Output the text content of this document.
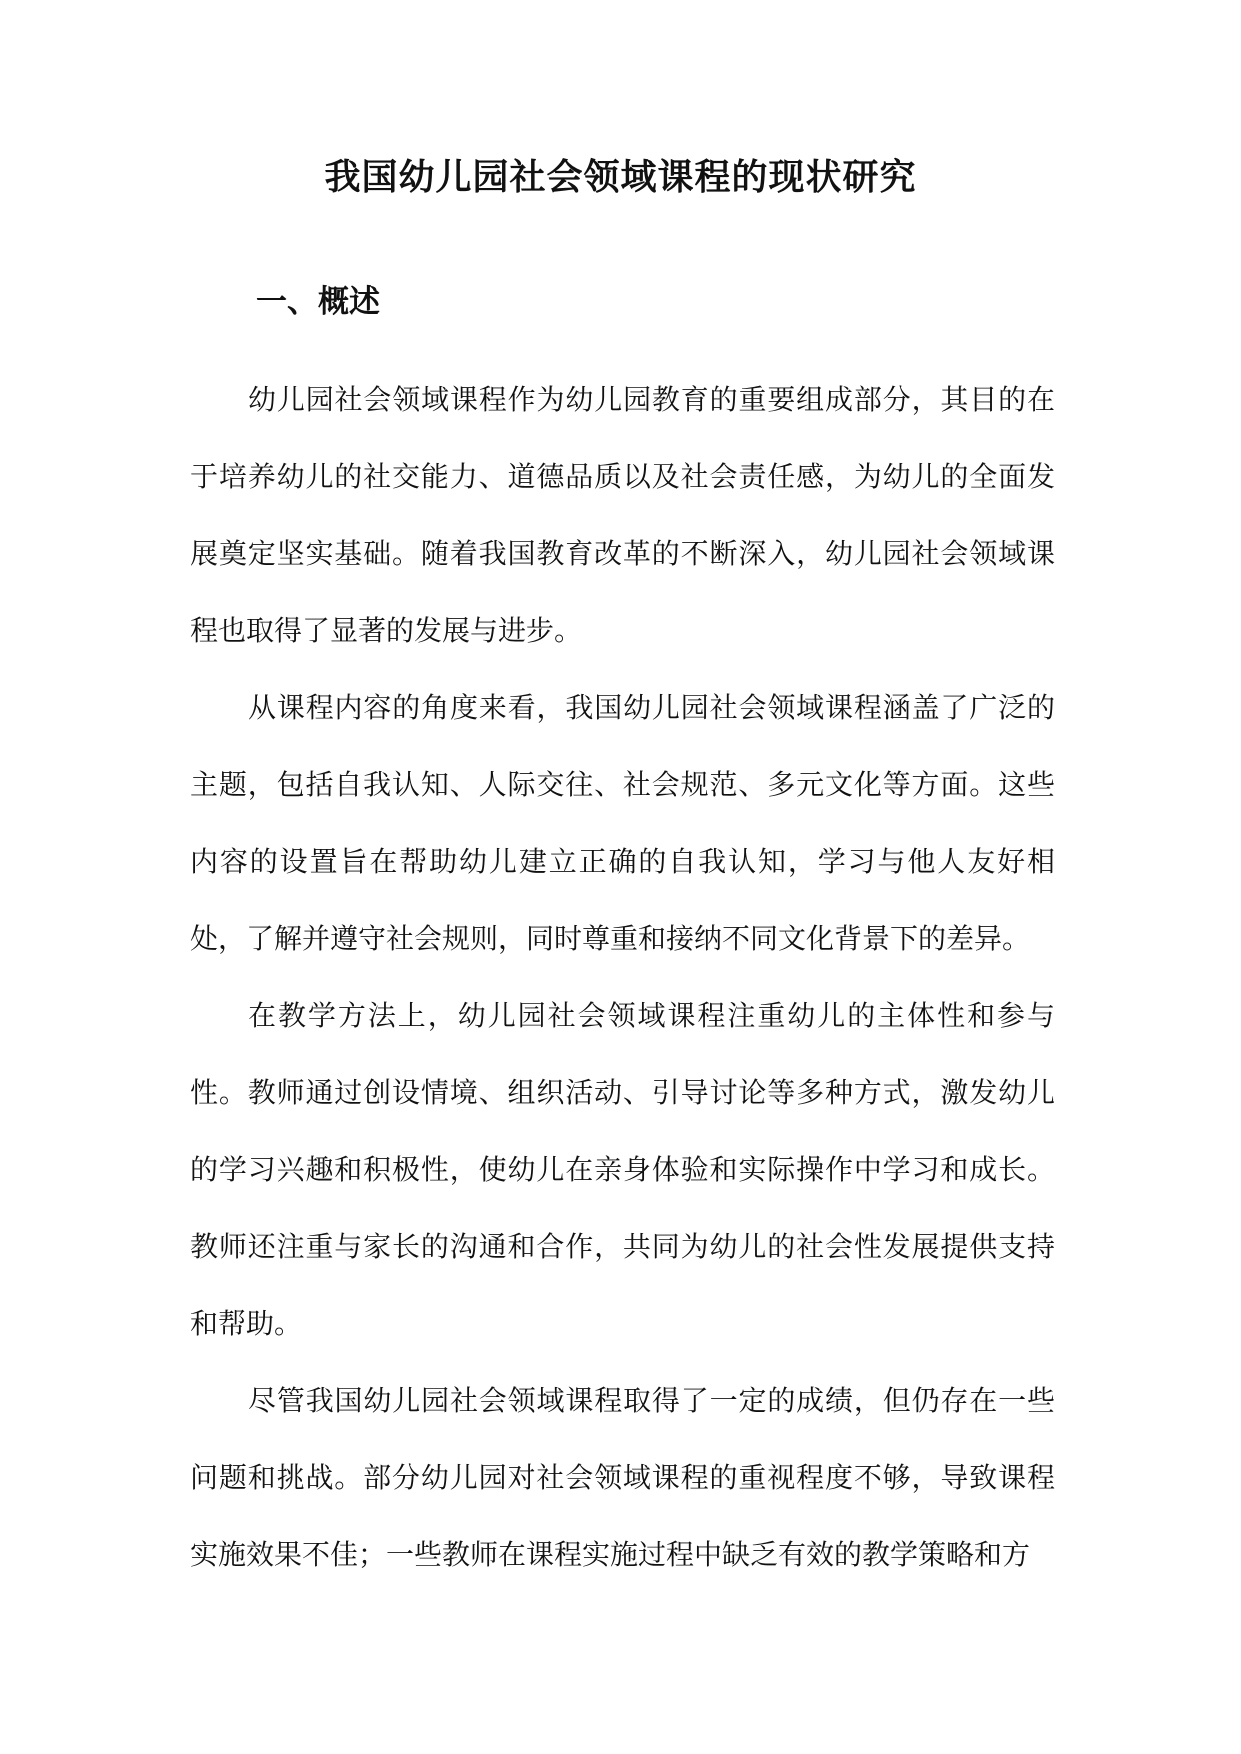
我国幼儿园社会领域课程的现状研究
一、概述

幼儿园社会领域课程作为幼儿园教育的重要组成部分，其目的在于培养幼儿的社交能力、道德品质以及社会责任感，为幼儿的全面发展奠定坚实基础。随着我国教育改革的不断深入，幼儿园社会领域课程也取得了显著的发展与进步。

从课程内容的角度来看，我国幼儿园社会领域课程涵盖了广泛的主题，包括自我认知、人际交往、社会规范、多元文化等方面。这些内容的设置旨在帮助幼儿建立正确的自我认知，学习与他人友好相处，了解并遵守社会规则，同时尊重和接纳不同文化背景下的差异。

在教学方法上，幼儿园社会领域课程注重幼儿的主体性和参与性。教师通过创设情境、组织活动、引导讨论等多种方式，激发幼儿的学习兴趣和积极性，使幼儿在亲身体验和实际操作中学习和成长。教师还注重与家长的沟通和合作，共同为幼儿的社会性发展提供支持和帮助。

尽管我国幼儿园社会领域课程取得了一定的成绩，但仍存在一些问题和挑战。部分幼儿园对社会领域课程的重视程度不够，导致课程实施效果不佳；一些教师在课程实施过程中缺乏有效的教学策略和方
